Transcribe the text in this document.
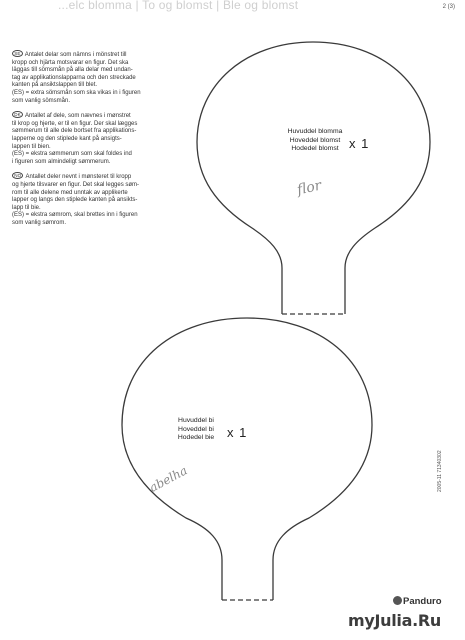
...elc blomma | To og blomst | Ble og blomst	2 (3)

SE Antalet delar som nämns i mönstret till

kropp och hjärta motsvarar en figur. Det ska

läggas till sömsmån på alla delar med undan-

tag av applikationslapparna och den streckade

kanten på ansiktslappen till blet.

(ES) = extra sömsmån som ska vikas in i figuren

som vanlig sömsmån.

DK Antallet af dele, som nævnes i mønstret

til krop og hjerte, er til en figur. Der skal lægges

sømmerum til alle dele bortset fra applikations-

lapperne og den stiplede kant på ansigts-

lappen til bien.

(ES) = ekstra sømmerum som skal foldes ind

i figuren som almindeligt sømmerum.

NO Antallet deler nevnt i mønsteret til kropp

og hjerte tilsvarer en figur. Det skal legges søm-

rom til alle delene med unntak av applikerte

lapper og langs den stiplede kanten på ansikts-

lapp til bie.

(ES) = ekstra sømrom, skal brettes inn i figuren

som vanlig sømrom.

Huvuddel blomma
Hoveddel blomst
Hodedel blomst x 1
flor
Huvuddel bi
Hoveddel bi
Hodedel bie x 1
abelha	2005-11 71340302
Panduro
myJulia.Ru
